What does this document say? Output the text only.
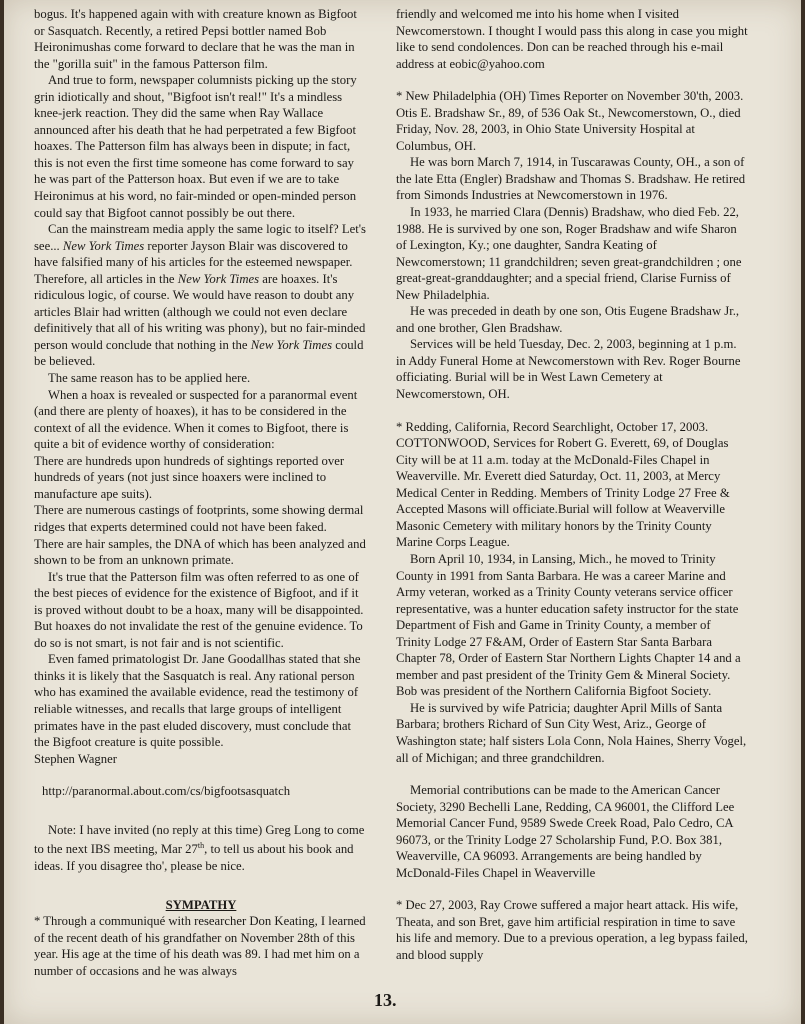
bogus. It's happened again with with creature known as Bigfoot or Sasquatch. Recently, a retired Pepsi bottler named Bob Heironimushas come forward to declare that he was the man in the "gorilla suit" in the famous Patterson film.

And true to form, newspaper columnists picking up the story grin idiotically and shout, "Bigfoot isn't real!" It's a mindless knee-jerk reaction. They did the same when Ray Wallace announced after his death that he had perpetrated a few Bigfoot hoaxes. The Patterson film has always been in dispute; in fact, this is not even the first time someone has come forward to say he was part of the Patterson hoax. But even if we are to take Heironimus at his word, no fair-minded or open-minded person could say that Bigfoot cannot possibly be out there.

Can the mainstream media apply the same logic to itself? Let's see... New York Times reporter Jayson Blair was discovered to have falsified many of his articles for the esteemed newspaper. Therefore, all articles in the New York Times are hoaxes. It's ridiculous logic, of course. We would have reason to doubt any articles Blair had written (although we could not even declare definitively that all of his writing was phony), but no fair-minded person would conclude that nothing in the New York Times could be believed.

The same reason has to be applied here.

When a hoax is revealed or suspected for a paranormal event (and there are plenty of hoaxes), it has to be considered in the context of all the evidence. When it comes to Bigfoot, there is quite a bit of evidence worthy of consideration:

There are hundreds upon hundreds of sightings reported over hundreds of years (not just since hoaxers were inclined to manufacture ape suits).

There are numerous castings of footprints, some showing dermal ridges that experts determined could not have been faked.

There are hair samples, the DNA of which has been analyzed and shown to be from an unknown primate.

It's true that the Patterson film was often referred to as one of the best pieces of evidence for the existence of Bigfoot, and if it is proved without doubt to be a hoax, many will be disappointed. But hoaxes do not invalidate the rest of the genuine evidence. To do so is not smart, is not fair and is not scientific.

Even famed primatologist Dr. Jane Goodallhas stated that she thinks it is likely that the Sasquatch is real. Any rational person who has examined the available evidence, read the testimony of reliable witnesses, and recalls that large groups of intelligent primates have in the past eluded discovery, must conclude that the Bigfoot creature is quite possible.

Stephen Wagner

http://paranormal.about.com/cs/bigfootsasquatch

Note: I have invited (no reply at this time) Greg Long to come to the next IBS meeting, Mar 27th, to tell us about his book and ideas. If you disagree tho', please be nice.

SYMPATHY

* Through a communiqué with researcher Don Keating, I learned of the recent death of his grandfather on November 28th of this year. His age at the time of his death was 89. I had met him on a number of occasions and he was always

friendly and welcomed me into his home when I visited Newcomerstown. I thought I would pass this along in case you might like to send condolences. Don can be reached through his e-mail address at eobic@yahoo.com

* New Philadelphia (OH) Times Reporter on November 30'th, 2003. Otis E. Bradshaw Sr., 89, of 536 Oak St., Newcomerstown, O., died Friday, Nov. 28, 2003, in Ohio State University Hospital at Columbus, OH.

He was born March 7, 1914, in Tuscarawas County, OH., a son of the late Etta (Engler) Bradshaw and Thomas S. Bradshaw. He retired from Simonds Industries at Newcomerstown in 1976.

In 1933, he married Clara (Dennis) Bradshaw, who died Feb. 22, 1988. He is survived by one son, Roger Bradshaw and wife Sharon of Lexington, Ky.; one daughter, Sandra Keating of Newcomerstown; 11 grandchildren; seven great-grandchildren ; one great-great-granddaughter; and a special friend, Clarise Furniss of New Philadelphia.

He was preceded in death by one son, Otis Eugene Bradshaw Jr., and one brother, Glen Bradshaw.

Services will be held Tuesday, Dec. 2, 2003, beginning at 1 p.m. in Addy Funeral Home at Newcomerstown with Rev. Roger Bourne officiating. Burial will be in West Lawn Cemetery at Newcomerstown, OH.

* Redding, California, Record Searchlight, October 17, 2003. COTTONWOOD, Services for Robert G. Everett, 69, of Douglas City will be at 11 a.m. today at the McDonald-Files Chapel in Weaverville. Mr. Everett died Saturday, Oct. 11, 2003, at Mercy Medical Center in Redding. Members of Trinity Lodge 27 Free & Accepted Masons will officiate.Burial will follow at Weaverville Masonic Cemetery with military honors by the Trinity County Marine Corps League.

Born April 10, 1934, in Lansing, Mich., he moved to Trinity County in 1991 from Santa Barbara. He was a career Marine and Army veteran, worked as a Trinity County veterans service officer representative, was a hunter education safety instructor for the state Department of Fish and Game in Trinity County, a member of Trinity Lodge 27 F&AM, Order of Eastern Star Santa Barbara Chapter 78, Order of Eastern Star Northern Lights Chapter 14 and a member and past president of the Trinity Gem & Mineral Society. Bob was president of the Northern California Bigfoot Society.

He is survived by wife Patricia; daughter April Mills of Santa Barbara; brothers Richard of Sun City West, Ariz., George of Washington state; half sisters Lola Conn, Nola Haines, Sherry Vogel, all of Michigan; and three grandchildren.

Memorial contributions can be made to the American Cancer Society, 3290 Bechelli Lane, Redding, CA 96001, the Clifford Lee Memorial Cancer Fund, 9589 Swede Creek Road, Palo Cedro, CA 96073, or the Trinity Lodge 27 Scholarship Fund, P.O. Box 381, Weaverville, CA 96093. Arrangements are being handled by McDonald-Files Chapel in Weaverville

* Dec 27, 2003, Ray Crowe suffered a major heart attack. His wife, Theata, and son Bret, gave him artificial respiration in time to save his life and memory. Due to a previous operation, a leg bypass failed, and blood supply

13.
